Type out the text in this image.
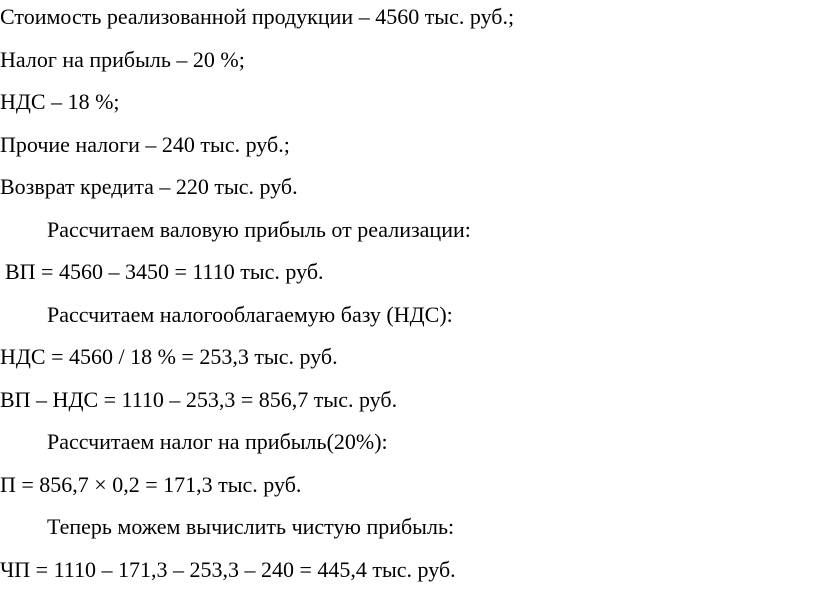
Стоимость реализованной продукции – 4560 тыс. руб.;

Налог на прибыль – 20 %;

НДС – 18 %;

Прочие налоги – 240 тыс. руб.;

Возврат кредита – 220 тыс. руб.

Рассчитаем валовую прибыль от реализации:

ВП = 4560 – 3450 = 1110 тыс. руб.

Рассчитаем налогооблагаемую базу (НДС):

НДС = 4560 / 18 % = 253,3 тыс. руб.

ВП – НДС = 1110 – 253,3 = 856,7 тыс. руб.

Рассчитаем налог на прибыль(20%):

П = 856,7 × 0,2 = 171,3 тыс. руб.

Теперь можем вычислить чистую прибыль:

ЧП = 1110 – 171,3 – 253,3 – 240 = 445,4 тыс. руб.
